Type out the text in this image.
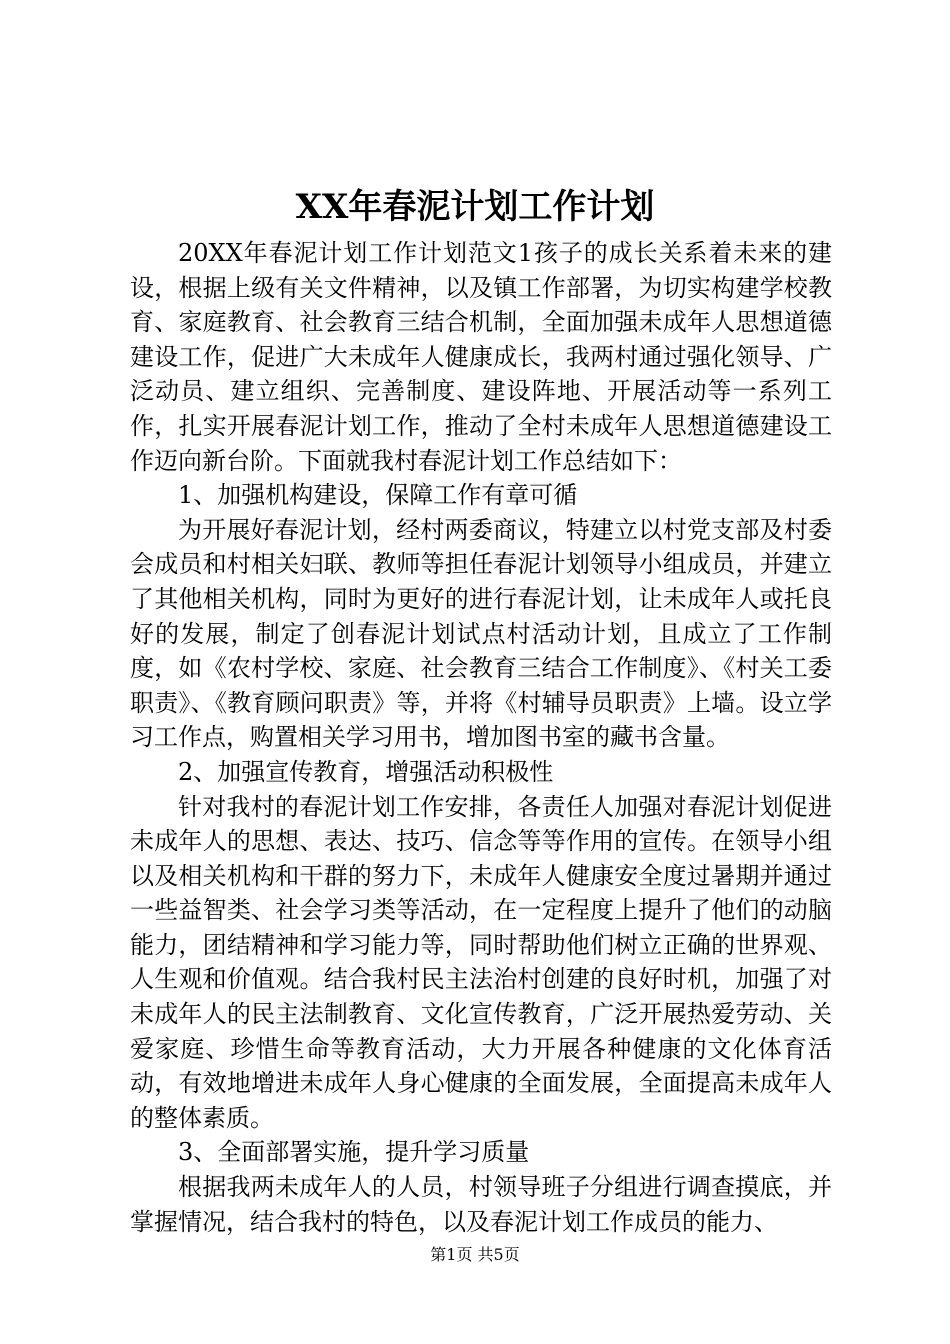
XX年春泥计划工作计划

20XX年春泥计划工作计划范文1孩子的成长关系着未来的建设，根据上级有关文件精神，以及镇工作部署，为切实构建学校教育、家庭教育、社会教育三结合机制，全面加强未成年人思想道德建设工作，促进广大未成年人健康成长，我两村通过强化领导、广泛动员、建立组织、完善制度、建设阵地、开展活动等一系列工作，扎实开展春泥计划工作，推动了全村未成年人思想道德建设工作迈向新台阶。下面就我村春泥计划工作总结如下：

1、加强机构建设，保障工作有章可循

为开展好春泥计划，经村两委商议，特建立以村党支部及村委会成员和村相关妇联、教师等担任春泥计划领导小组成员，并建立了其他相关机构，同时为更好的进行春泥计划，让未成年人或托良好的发展，制定了创春泥计划试点村活动计划，且成立了工作制度，如《农村学校、家庭、社会教育三结合工作制度》、《村关工委职责》、《教育顾问职责》等，并将《村辅导员职责》上墙。设立学习工作点，购置相关学习用书，增加图书室的藏书含量。

2、加强宣传教育，增强活动积极性

针对我村的春泥计划工作安排，各责任人加强对春泥计划促进未成年人的思想、表达、技巧、信念等等作用的宣传。在领导小组以及相关机构和干群的努力下，未成年人健康安全度过暑期并通过一些益智类、社会学习类等活动，在一定程度上提升了他们的动脑能力，团结精神和学习能力等，同时帮助他们树立正确的世界观、人生观和价值观。结合我村民主法治村创建的良好时机，加强了对未成年人的民主法制教育、文化宣传教育，广泛开展热爱劳动、关爱家庭、珍惜生命等教育活动，大力开展各种健康的文化体育活动，有效地增进未成年人身心健康的全面发展，全面提高未成年人的整体素质。

3、全面部署实施，提升学习质量

根据我两未成年人的人员，村领导班子分组进行调查摸底，并掌握情况，结合我村的特色，以及春泥计划工作成员的能力、

第1页 共5页
